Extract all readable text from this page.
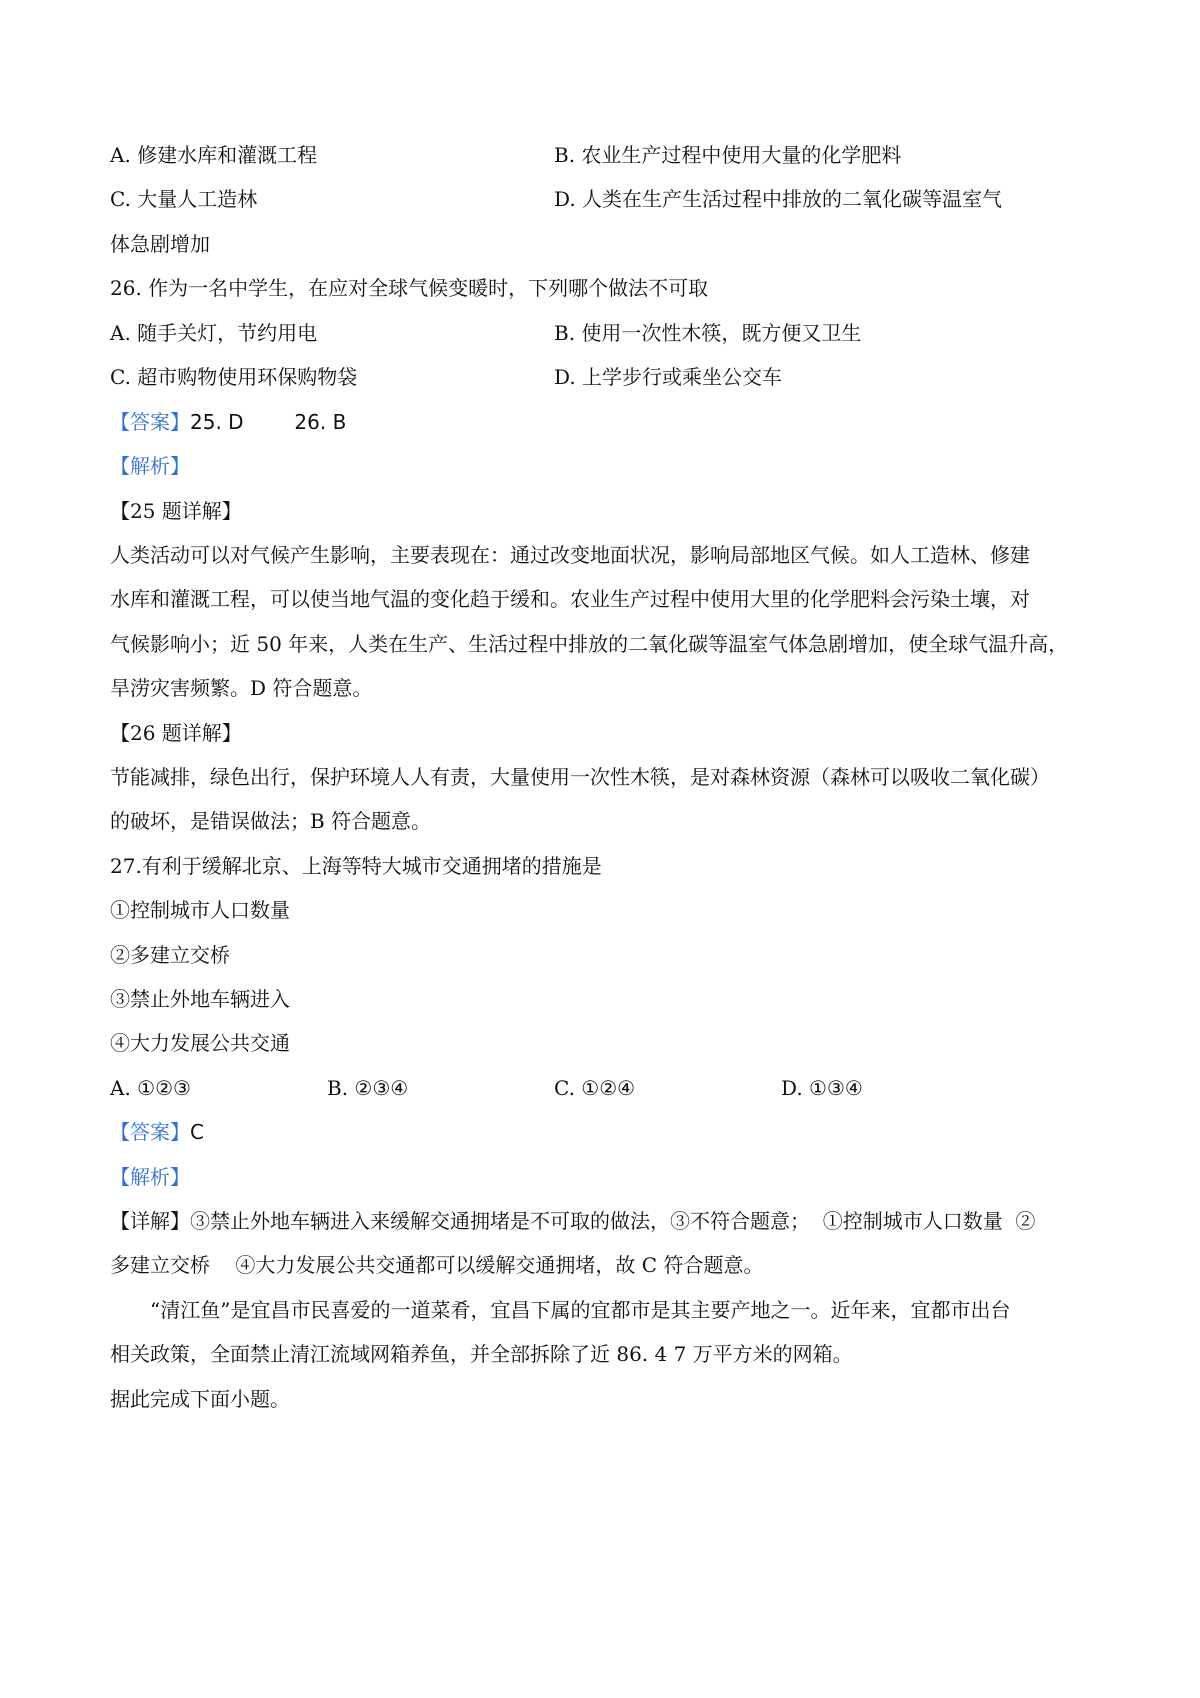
A. 修建水库和灌溉工程	B. 农业生产过程中使用大量的化学肥料
C. 大量人工造林	D. 人类在生产生活过程中排放的二氧化碳等温室气
体急剧增加
26. 作为一名中学生，在应对全球气候变暖时，下列哪个做法不可取
A. 随手关灯，节约用电	B. 使用一次性木筷，既方便又卫生
C. 超市购物使用环保购物袋	D. 上学步行或乘坐公交车
【答案】25. D        26. B
【解析】
【25 题详解】
人类活动可以对气候产生影响，主要表现在：通过改变地面状况，影响局部地区气候。如人工造林、修建
水库和灌溉工程，可以使当地气温的变化趋于缓和。农业生产过程中使用大里的化学肥料会污染土壤，对
气候影响小；近 50 年来，人类在生产、生活过程中排放的二氧化碳等温室气体急剧增加，使全球气温升高，
旱涝灾害频繁。D 符合题意。
【26 题详解】
节能减排，绿色出行，保护环境人人有责，大量使用一次性木筷，是对森林资源（森林可以吸收二氧化碳）
的破坏，是错误做法；B 符合题意。
27.有利于缓解北京、上海等特大城市交通拥堵的措施是
①控制城市人口数量
②多建立交桥
③禁止外地车辆进入
④大力发展公共交通
A. ①②③	B. ②③④	C. ①②④	D. ①③④
【答案】C
【解析】
【详解】③禁止外地车辆进入来缓解交通拥堵是不可取的做法，③不符合题意；  ①控制城市人口数量  ②
多建立交桥    ④大力发展公共交通都可以缓解交通拥堵，故 C 符合题意。
“清江鱼”是宜昌市民喜爱的一道菜肴，宜昌下属的宜都市是其主要产地之一。近年来，宜都市出台
相关政策，全面禁止清江流域网箱养鱼，并全部拆除了近 86. 4 7 万平方米的网箱。
据此完成下面小题。
